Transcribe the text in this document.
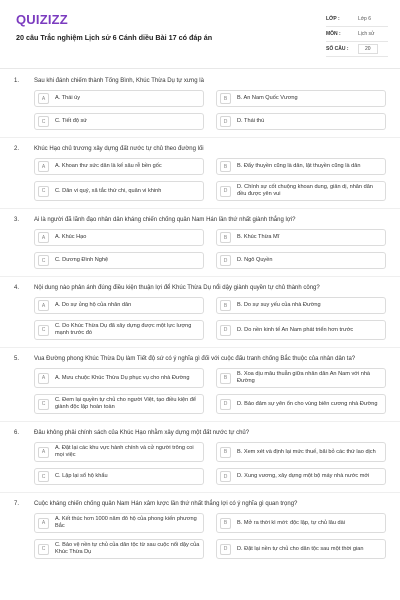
QUIZIZZ
20 câu Trắc nghiệm Lịch sử 6 Cánh diều Bài 17 có đáp án
LỚP :	Lớp 6
MÔN :	Lịch sử
SỐ CÂU :	20
1.	Sau khi đánh chiếm thành Tống Bình, Khúc Thừa Dụ tự xưng là
A	A. Thái úy	B	B. An Nam Quốc Vương
C	C. Tiết độ sứ	D	D. Thái thú
2.	Khúc Hạo chủ trương xây dựng đất nước tự chủ theo đường lối
A	A. Khoan thư sức dân là kế sâu rễ bền gốc	B	B. Đẩy thuyền cũng là dân, lật thuyền cũng là dân
C	C. Dân vi quý, xã tắc thứ chi, quân vi khinh	D
D. Chính sự cốt chuộng khoan dung, giản dị, nhân dân đều được yên vui
3.	Ai là người đã lãnh đạo nhân dân kháng chiến chống quân Nam Hán lần thứ nhất giành thắng lợi?
A	A. Khúc Hạo	B	B. Khúc Thừa Mĩ
C	C. Dương Đình Nghệ	D	D. Ngô Quyền
4.	Nội dung nào phản ánh đúng điều kiện thuận lợi để Khúc Thừa Dụ nổi dậy giành quyền tự chủ thành công?
A	A. Do sự ủng hộ của nhân dân	B	B. Do sự suy yếu của nhà Đường
C
C. Do Khúc Thừa Dụ đã xây dựng được một lực lượng mạnh trước đó	D	D. Do nền kinh tế An Nam phát triển hơn trước
5.	Vua Đường phong Khúc Thừa Dụ làm Tiết độ sứ có ý nghĩa gì đối với cuộc đấu tranh chống Bắc thuộc của nhân dân ta?
A	A. Mưu chuộc Khúc Thừa Dụ phục vụ cho nhà Đường	B
B. Xoa dịu mâu thuẫn giữa nhân dân An Nam với nhà Đường
C
C. Đem lại quyền tự chủ cho người Việt, tạo điều kiện để giành độc lập hoàn toàn	D	D. Bảo đảm sự yên ổn cho vùng biên cương nhà Đường
6.	Đâu không phải chính sách của Khúc Hạo nhằm xây dựng một đất nước tự chủ?
A
A. Đặt lại các khu vực hành chính và cử người trông coi mọi việc	B	B. Xem xét và định lại mức thuế, bãi bỏ các thứ lao dịch
C	C. Lập lại sổ hộ khẩu	D	D. Xung vương, xây dựng một bộ máy nhà nước mới
7.	Cuộc kháng chiến chống quân Nam Hán xâm lược lần thứ nhất thắng lợi có ý nghĩa gì quan trọng?
A
A. Kết thúc hơn 1000 năm đô hộ của phong kiến phương Bắc	B	B. Mở ra thời kì mới: độc lập, tự chủ lâu dài
C
C. Bảo vệ nền tự chủ của dân tộc từ sau cuộc nổi dậy của Khúc Thừa Dụ	D	D. Đặt lại nền tự chủ cho dân tộc sau một thời gian
